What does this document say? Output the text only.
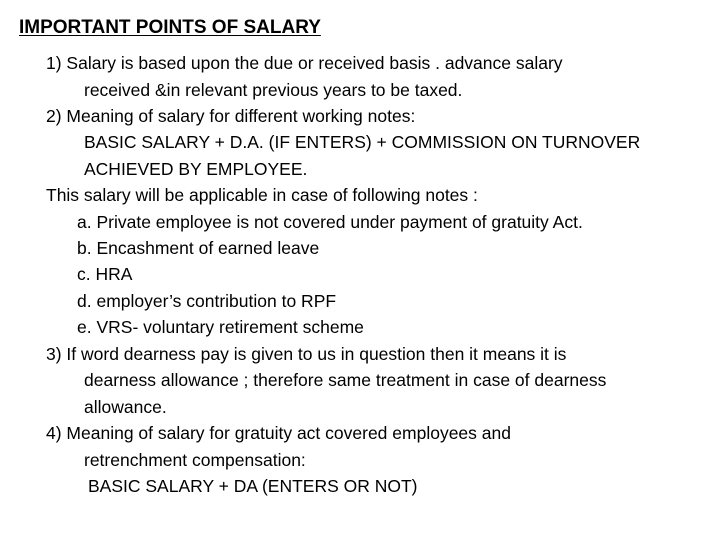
IMPORTANT POINTS OF SALARY
1) Salary is based upon the due or received basis . advance salary
received &in relevant previous years to be taxed.
2) Meaning of salary for different working notes:
BASIC SALARY + D.A. (IF ENTERS) + COMMISSION ON TURNOVER
ACHIEVED BY EMPLOYEE.
This salary will be applicable in case of following notes :
a. Private employee is not covered under payment of gratuity Act.
b. Encashment of earned leave
c. HRA
d. employer’s contribution to RPF
e. VRS- voluntary retirement scheme
3) If word dearness pay is given to us in question then it means it is
dearness allowance ; therefore same treatment in case of dearness
allowance.
4) Meaning of salary for gratuity act covered employees and
retrenchment compensation:
BASIC SALARY + DA (ENTERS OR NOT)
